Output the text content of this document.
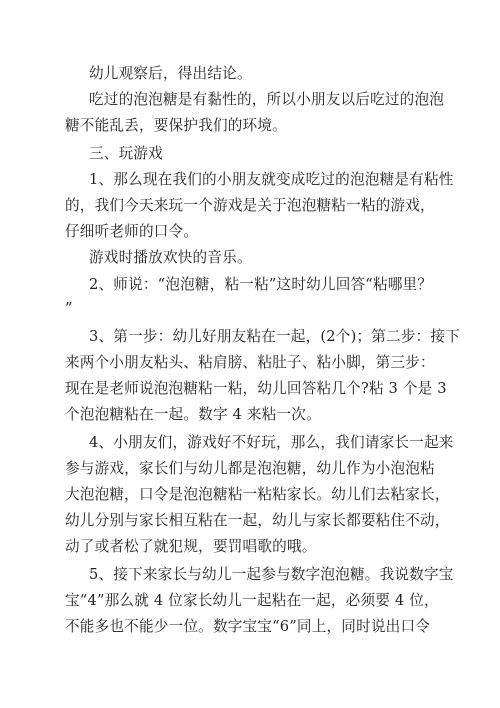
幼儿观察后，得出结论。
吃过的泡泡糖是有黏性的，所以小朋友以后吃过的泡泡
糖不能乱丢，要保护我们的环境。
三、玩游戏
1、那么现在我们的小朋友就变成吃过的泡泡糖是有粘性
的，我们今天来玩一个游戏是关于泡泡糖粘一粘的游戏，
仔细听老师的口令。
游戏时播放欢快的音乐。
2、师说：“泡泡糖，粘一粘”这时幼儿回答“粘哪里？
”
3、第一步：幼儿好朋友粘在一起，(2个)；第二步：接下
来两个小朋友粘头、粘肩膀、粘肚子、粘小脚，第三步：
现在是老师说泡泡糖粘一粘，幼儿回答粘几个?粘 3 个是 3
个泡泡糖粘在一起。数字 4 来粘一次。
4、小朋友们，游戏好不好玩，那么，我们请家长一起来
参与游戏，家长们与幼儿都是泡泡糖，幼儿作为小泡泡粘
大泡泡糖，口令是泡泡糖粘一粘粘家长。幼儿们去粘家长，
幼儿分别与家长相互粘在一起，幼儿与家长都要粘住不动，
动了或者松了就犯规，要罚唱歌的哦。
5、接下来家长与幼儿一起参与数字泡泡糖。我说数字宝
宝“4”那么就 4 位家长幼儿一起粘在一起，必须要 4 位，
不能多也不能少一位。数字宝宝“6”同上，同时说出口令
